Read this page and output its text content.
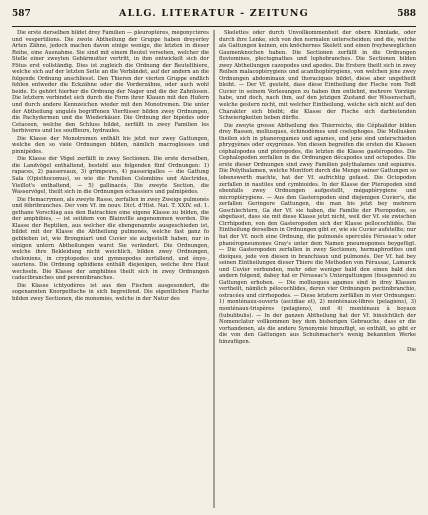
587	ALLG. LITERATUR - ZEITUNG	588

Die erste derselben bildet drey Familien — pleuroptères, mégonyctères und vespertilions. Die zwote Abtheilung der Gruppe haben dreyerley Arten Zähne, jedoch machen davon einige wenige, die letzten in dieser Reihe, eine Ausnahme. Sie sind mit einem Beutel versehen, welcher die Stelle einer zweyten Gebärmutter vertritt, in ihm entwickelt sich der Fötus erst vollständig. Dies ist zugleich die Ordnung der Beutelthiere, welche sich auf der letzten Seite an die Verbändet, auf der andern an die folgende Ordnung anschliesst. Den Thieren der vierten Gruppe endlich fehlen entweder die Eckzähne oder die Vorderzähne, oder auch wohl beide. Es gehört hierher die Ordnung der Nager und die der Zahnlosen. Die letztern verbindet sich durch die Form ihrer Klauen mit den Hufern und durch andere Kennzeichen wieder mit den Monotremen. Die unter der Abtheilung ungulés begriffenen Vierfüsser bilden zwey Ordnungen, die Pachydermen und die Wiederkäuer. Die Ordnung der bipèdes oder Cetaceen, welche den Schluss bildet, zerfällt in zwey Familien les herbivores und les souffleurs, hydraules.

Die Klasse der Monotremen enthält bis jetzt nur zwey Gattungen, welche den so viele Ordnungen bilden, nämlich macroglosses und pinnipèdes.

Die Klasse der Vögel zerfällt in zwey Sectionen. Die erste derselben, die Landvögel enthaltend, besteht aus folgenden fünf Ordnungen: 1) rapaces, 2) passereaux, 3) grimpeurs, 4) passerigalles — die Gattung Sala (Opisthocomus), so wie die Familien Colombins und Alectrides, Vieillot's enthaltend, — 5) gallinacés. Die zweyte Section, die Wasservögel, theilt sich in die Ordnungen échassiers und palmipèdes.

Die Hemacrymen, als zweyte Rasse, zerfallen in zwey Zweige pulmonés und fébribranches. Der vom Vf. im nouv. Dict. d'Hist. Nat. T. XXIV. ed. 1. gethane Vorschlag aus den Batrachien eine eigene Klasse zu bilden, die der amphibies, — ist seitdem von Blainville angenommen worden. Die Klasse der Reptilien, aus welcher die ebengenannte ausgeschieden ist, bildet mit der Klasse die Abtheilung pulmonés, welche fast ganz fo geblieben ist, wie Brongniart und Cuvier sie aufgestellt haben, nur in einigen untern Abtheilungen warst Sie verändert. Die Ordnungen, welche ihre Bekleidung nicht weichlich, bilden zwey Ordnungen, cheloniens, in cryptopodes und gymnopodes zerfallend, und ényo-, sauriens. Die Ordnung ophidiens enthält diejenigen, welche ihre Haut wechseln. Die Klasse der amphibies theilt sich in zwey Ordnungen caducibranches und perennibranches.

Die Klasse ichtyodères ist aus den Fischen ausgesondert, die sogenannten Knorpelfische in sich begreifend. Die eigentlichen Fische bilden zwey Sectionen, die monomies, welche in der Natur des

Skelettes oder durch Unvollkommenheit der obern Kinnlade, oder durch ihre Lenke, sich von den normalen unterscheiden; und die, welche als Gattungen keinen, ein knöchernes Skelett und einen freybeweglichen Gaumenknochen haben. Die Sectionen zerfällt in die Ordnungen fluviomines, plectognathes und lophobranches. Die Sectionen bilden zwey Abtheilungen cazopodes und apodes. Die Erstere theilt sich in zwey Reihen malacoptérygiens und acanthoptérygiens, von welchen jene zwey Ordnungen abdominaux und thoraciques bildet, diese aber ungetheilt bleibt. — Der Vf. gesteht, dass diese Eintheilung der Fische vom Todt Cuvier in seinem Vorlesungen zu haben ihm entlehnt, mehrere Vorzüge habe, und doch, nach ihm, auf den jetzigen Zustand der Wissenschaft, welche gestern nicht, mit welcher Eintheilung, welche sich nicht auf den Charakter sich bleibt; die Klasse der Fische sich darbietenden Schwierigkeiten heben dürfte.

Die zweyte grosse Abtheilung des Thierreichs, die Céphalidor bilden drey Rassen, mollusques, échinodèmes und coelophoges. Die Mollusken theilen sich in phanerogames und agames, und jene sind unterschieden phrygyènes oder oxygrènes. Von diesen begreifen die ersten die Klassen céphalopodes und ptéropodes, die letzten die Klasse gastéropodes. Die Cephalopoden zerfallen in die Ordnungen décapodes und octopodes. Die erste dieser Ordnungen sind zwey Familien polythalames und sepiaires. Die Polythalamen, welche Montfort durch die Menge seiner Gattungen so lobenswerth machte, hat der Vf. aufrichtig gefasst. Die Octopoden zerfallen in nautiles und cymbioides. In der Klasse der Pteropoden sind ebenfalls zwey Ordnungen aufgestellt, mégaptérygiens und microptérygiens. — Aus den Gasteropoden sind diejenigen Cuvier's, die zerfallen Geringere Gattungen, die man bis jetzt bey mehrern Geschlechtern, Ga der Vf. sie haben, die Familie der Pteropoden, so abgefasst, dass sie mit diese Klasse jetzt nicht, weil der Vf. sie zwischen Cirrhipoden, von den Gasteropoden sich der Klasse pellocochlidés. Die Eintheilung derselben in Ordnungen gibt er, wie sie Cuvier aufstellte; nur hat der Vf. noch eine Ordnung, die pulmonés operculés Férussac's oder phanéropneumones Gray's unter dem Namen pneumopomes beygefügt. — Die Gasteropoden zerfallen in zwey Sectionen, hermaphrodites und dioiques, jede von diesen in branchiaux und pulmonés. Der Vf. hat bey seinen Eintheilungen dieser Thiere die Methoden von Férussac, Lamarck und Cuvier verbunden, mehr oder weniger bald den einen bald den andern folgend, dabey hat er Férussac's Untergattungen (fousgenres) zu Gattungen erhoben. — Die mollusques agames sind in drey Klassen vertheilt, nämlich pélocochlides, deren vier Ordnungen pectinibranchio, ostracées und cirrhopodes. — Diese letztern zerfällen in vier Ordnungen: 1) monténaux-ouverts (ascidiae et), 2) monténaux-libres (pelagiens), 3) monténaux-trispères (pelagiens), und 4) monténaux à boyaux (tubulibulis). — In der ganzen Abtheilung hat der Vf. hinsichtlich der Nomenclatur vollkommen bey dem bisherigen Gebrauche, dass er die vorhandenen, als die andere Synonymie hinzufügt, so enthält, so gibt er die von den Gattungen aus Schuhmacher's wenig bekannten Werke hinzufügen.

Die
